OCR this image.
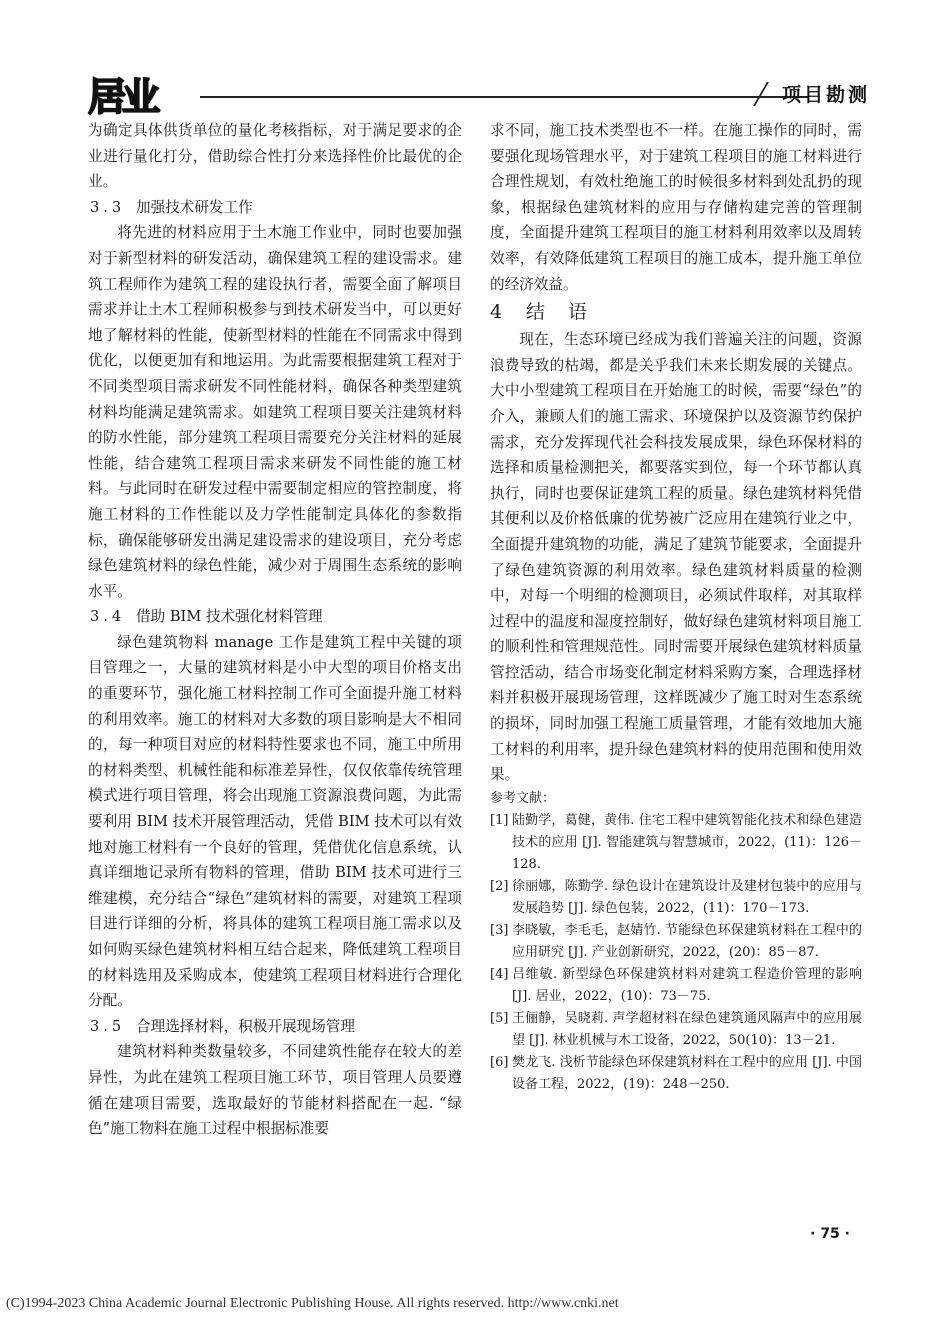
居业	项目勘测

为确定具体供货单位的量化考核指标，对于满足要求的企业进行量化打分，借助综合性打分来选择性价比最优的企业。

3.3 加强技术研发工作

将先进的材料应用于土木施工作业中，同时也要加强对于新型材料的研发活动，确保建筑工程的建设需求。建筑工程师作为建筑工程的建设执行者，需要全面了解项目需求并让土木工程师积极参与到技术研发当中，可以更好地了解材料的性能，使新型材料的性能在不同需求中得到优化，以便更加有和地运用。为此需要根据建筑工程对于不同类型项目需求研发不同性能材料，确保各种类型建筑材料均能满足建筑需求。如建筑工程项目要关注建筑材料的防水性能，部分建筑工程项目需要充分关注材料的延展性能，结合建筑工程项目需求来研发不同性能的施工材料。与此同时在研发过程中需要制定相应的管控制度，将施工材料的工作性能以及力学性能制定具体化的参数指标，确保能够研发出满足建设需求的建设项目，充分考虑绿色建筑材料的绿色性能，减少对于周围生态系统的影响水平。

3.4 借助 BIM 技术强化材料管理

绿色建筑物料 manage 工作是建筑工程中关键的项目管理之一，大量的建筑材料是小中大型的项目价格支出的重要环节，强化施工材料控制工作可全面提升施工材料的利用效率。施工的材料对大多数的项目影响是大不相同的，每一种项目对应的材料特性要求也不同，施工中所用的材料类型、机械性能和标准差异性，仅仅依靠传统管理模式进行项目管理，将会出现施工资源浪费问题，为此需要利用 BIM 技术开展管理活动，凭借 BIM 技术可以有效地对施工材料有一个良好的管理，凭借优化信息系统，认真详细地记录所有物料的管理，借助 BIM 技术可进行三维建模，充分结合“绿色”建筑材料的需要，对建筑工程项目进行详细的分析，将具体的建筑工程项目施工需求以及如何购买绿色建筑材料相互结合起来，降低建筑工程项目的材料选用及采购成本，使建筑工程项目材料进行合理化分配。

3.5 合理选择材料，积极开展现场管理

建筑材料种类数量较多，不同建筑性能存在较大的差异性，为此在建筑工程项目施工环节，项目管理人员要遵循在建项目需要，选取最好的节能材料搭配在一起. “绿色”施工物料在施工过程中根据标准要

求不同，施工技术类型也不一样。在施工操作的同时，需要强化现场管理水平，对于建筑工程项目的施工材料进行合理性规划，有效杜绝施工的时候很多材料到处乱扔的现象，根据绿色建筑材料的应用与存储构建完善的管理制度，全面提升建筑工程项目的施工材料利用效率以及周转效率，有效降低建筑工程项目的施工成本，提升施工单位的经济效益。

4 结　语

现在，生态环境已经成为我们普遍关注的问题，资源浪费导致的枯竭，都是关乎我们未来长期发展的关键点。大中小型建筑工程项目在开始施工的时候，需要“绿色”的介入，兼顾人们的施工需求、环境保护以及资源节约保护需求，充分发挥现代社会科技发展成果，绿色环保材料的选择和质量检测把关，都要落实到位，每一个环节都认真执行，同时也要保证建筑工程的质量。绿色建筑材料凭借其便利以及价格低廉的优势被广泛应用在建筑行业之中，全面提升建筑物的功能，满足了建筑节能要求，全面提升了绿色建筑资源的利用效率。绿色建筑材料质量的检测中，对每一个明细的检测项目，必须试件取样，对其取样过程中的温度和湿度控制好，做好绿色建筑材料项目施工的顺利性和管理规范性。同时需要开展绿色建筑材料质量管控活动，结合市场变化制定材料采购方案，合理选择材料并积极开展现场管理，这样既减少了施工时对生态系统的损坏，同时加强工程施工质量管理，才能有效地加大施工材料的利用率，提升绿色建筑材料的使用范围和使用效果。

参考文献：

[1] 陆勤学，葛健，黄伟. 住宅工程中建筑智能化技术和绿色建造技术的应用 [J]. 智能建筑与智慧城市，2022，(11)：126－128.

[2] 徐丽娜，陈勤学. 绿色设计在建筑设计及建材包装中的应用与发展趋势 [J]. 绿色包装，2022，(11)：170－173.

[3] 李晓敏，李毛毛，赵婧竹. 节能绿色环保建筑材料在工程中的应用研究 [J]. 产业创新研究，2022，(20)：85－87.

[4] 吕维敏. 新型绿色环保建筑材料对建筑工程造价管理的影响 [J]. 居业，2022，(10)：73－75.

[5] 王俪静，吴晓莉. 声学超材料在绿色建筑通风隔声中的应用展望 [J]. 林业机械与木工设备，2022，50(10)：13－21.

[6] 樊龙飞. 浅析节能绿色环保建筑材料在工程中的应用 [J]. 中国设备工程，2022，(19)：248－250.

· 75 ·
(C)1994-2023 China Academic Journal Electronic Publishing House. All rights reserved. http://www.cnki.net
